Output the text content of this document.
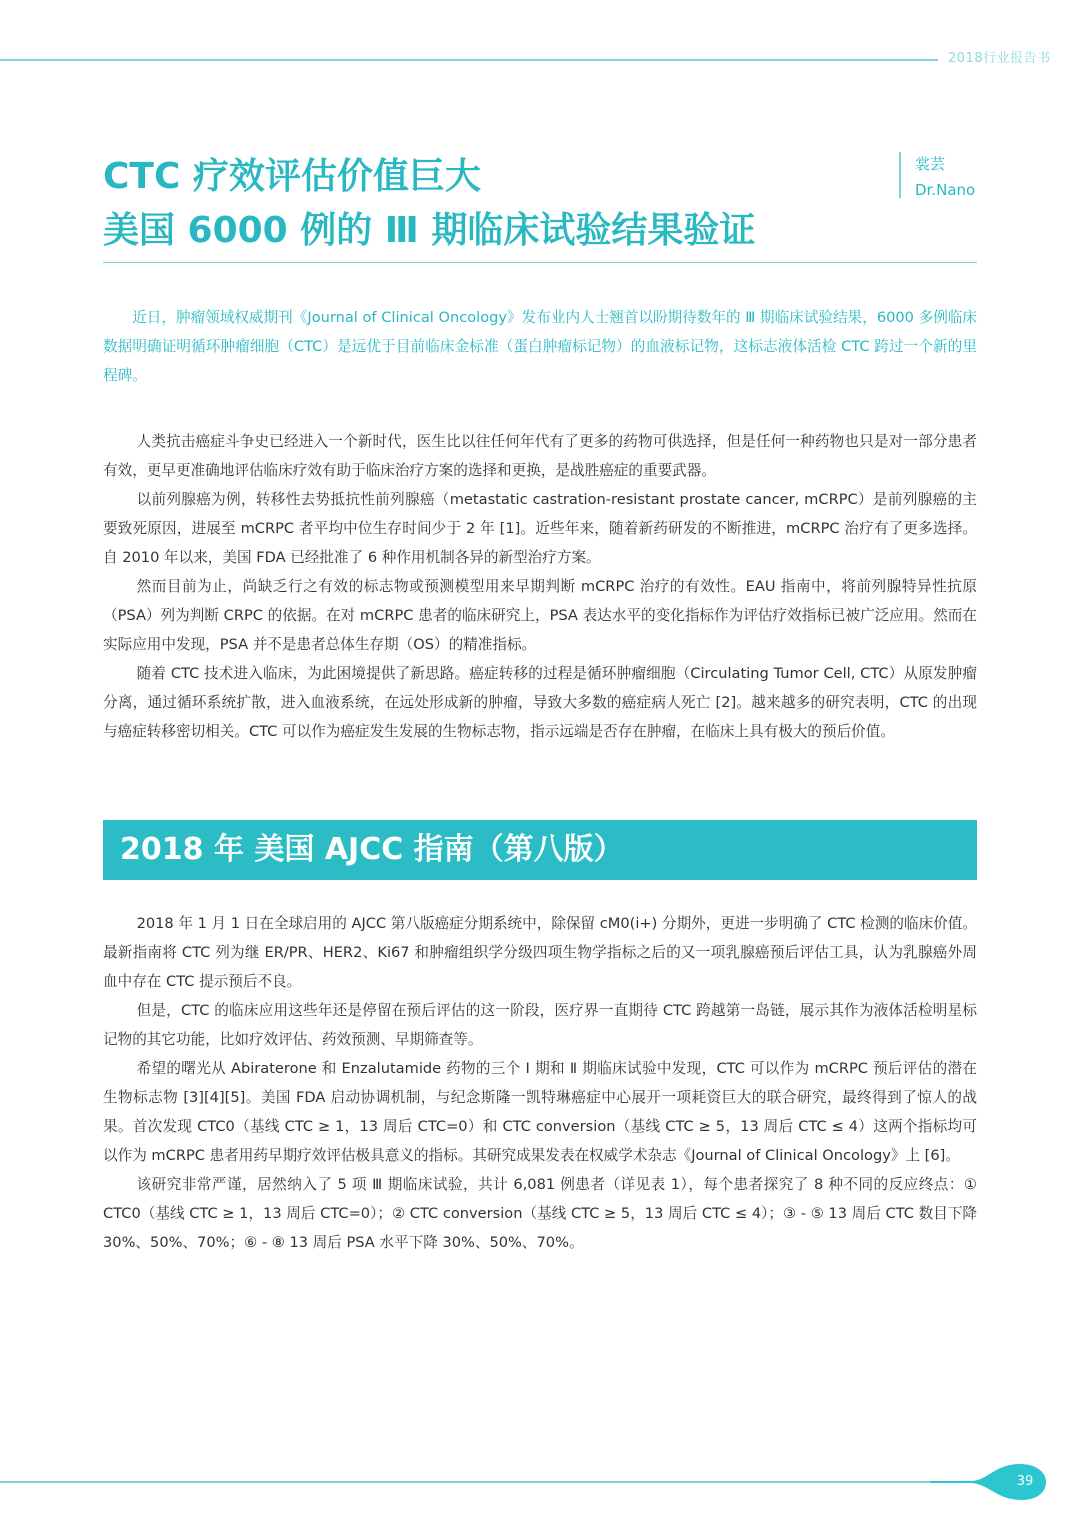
2018行业报告书
CTC 疗效评估价值巨大
美国 6000 例的 Ⅲ 期临床试验结果验证
裳芸
Dr.Nano

近日，肿瘤领域权威期刊《Journal of Clinical Oncology》发布业内人士翘首以盼期待数年的 Ⅲ 期临床试验结果，6000 多例临床数据明确证明循环肿瘤细胞（CTC）是远优于目前临床金标准（蛋白肿瘤标记物）的血液标记物，这标志液体活检 CTC 跨过一个新的里程碑。

人类抗击癌症斗争史已经进入一个新时代，医生比以往任何年代有了更多的药物可供选择，但是任何一种药物也只是对一部分患者有效，更早更准确地评估临床疗效有助于临床治疗方案的选择和更换，是战胜癌症的重要武器。

以前列腺癌为例，转移性去势抵抗性前列腺癌（metastatic castration-resistant prostate cancer, mCRPC）是前列腺癌的主要致死原因，进展至 mCRPC 者平均中位生存时间少于 2 年 [1]。近些年来，随着新药研发的不断推进，mCRPC 治疗有了更多选择。自 2010 年以来，美国 FDA 已经批准了 6 种作用机制各异的新型治疗方案。

然而目前为止，尚缺乏行之有效的标志物或预测模型用来早期判断 mCRPC 治疗的有效性。EAU 指南中，将前列腺特异性抗原（PSA）列为判断 CRPC 的依据。在对 mCRPC 患者的临床研究上，PSA 表达水平的变化指标作为评估疗效指标已被广泛应用。然而在实际应用中发现，PSA 并不是患者总体生存期（OS）的精准指标。

随着 CTC 技术进入临床，为此困境提供了新思路。癌症转移的过程是循环肿瘤细胞（Circulating Tumor Cell, CTC）从原发肿瘤分离，通过循环系统扩散，进入血液系统，在远处形成新的肿瘤，导致大多数的癌症病人死亡 [2]。越来越多的研究表明，CTC 的出现与癌症转移密切相关。CTC 可以作为癌症发生发展的生物标志物，指示远端是否存在肿瘤，在临床上具有极大的预后价值。

2018 年 美国 AJCC 指南（第八版）

2018 年 1 月 1 日在全球启用的 AJCC 第八版癌症分期系统中，除保留 cM0(i+) 分期外，更进一步明确了 CTC 检测的临床价值。最新指南将 CTC 列为继 ER/PR、HER2、Ki67 和肿瘤组织学分级四项生物学指标之后的又一项乳腺癌预后评估工具，认为乳腺癌外周血中存在 CTC 提示预后不良。

但是，CTC 的临床应用这些年还是停留在预后评估的这一阶段，医疗界一直期待 CTC 跨越第一岛链，展示其作为液体活检明星标记物的其它功能，比如疗效评估、药效预测、早期筛查等。

希望的曙光从 Abiraterone 和 Enzalutamide 药物的三个 Ⅰ 期和 Ⅱ 期临床试验中发现，CTC 可以作为 mCRPC 预后评估的潜在生物标志物 [3][4][5]。美国 FDA 启动协调机制，与纪念斯隆一凯特琳癌症中心展开一项耗资巨大的联合研究，最终得到了惊人的战果。首次发现 CTC0（基线 CTC ≥ 1，13 周后 CTC=0）和 CTC conversion（基线 CTC ≥ 5，13 周后 CTC ≤ 4）这两个指标均可以作为 mCRPC 患者用药早期疗效评估极具意义的指标。其研究成果发表在权威学术杂志《Journal of Clinical Oncology》上 [6]。

该研究非常严谨，居然纳入了 5 项 Ⅲ 期临床试验，共计 6,081 例患者（详见表 1），每个患者探究了 8 种不同的反应终点：① CTC0（基线 CTC ≥ 1，13 周后 CTC=0）；② CTC conversion（基线 CTC ≥ 5，13 周后 CTC ≤ 4）；③ - ⑤ 13 周后 CTC 数目下降 30%、50%、70%；⑥ - ⑧ 13 周后 PSA 水平下降 30%、50%、70%。

39
